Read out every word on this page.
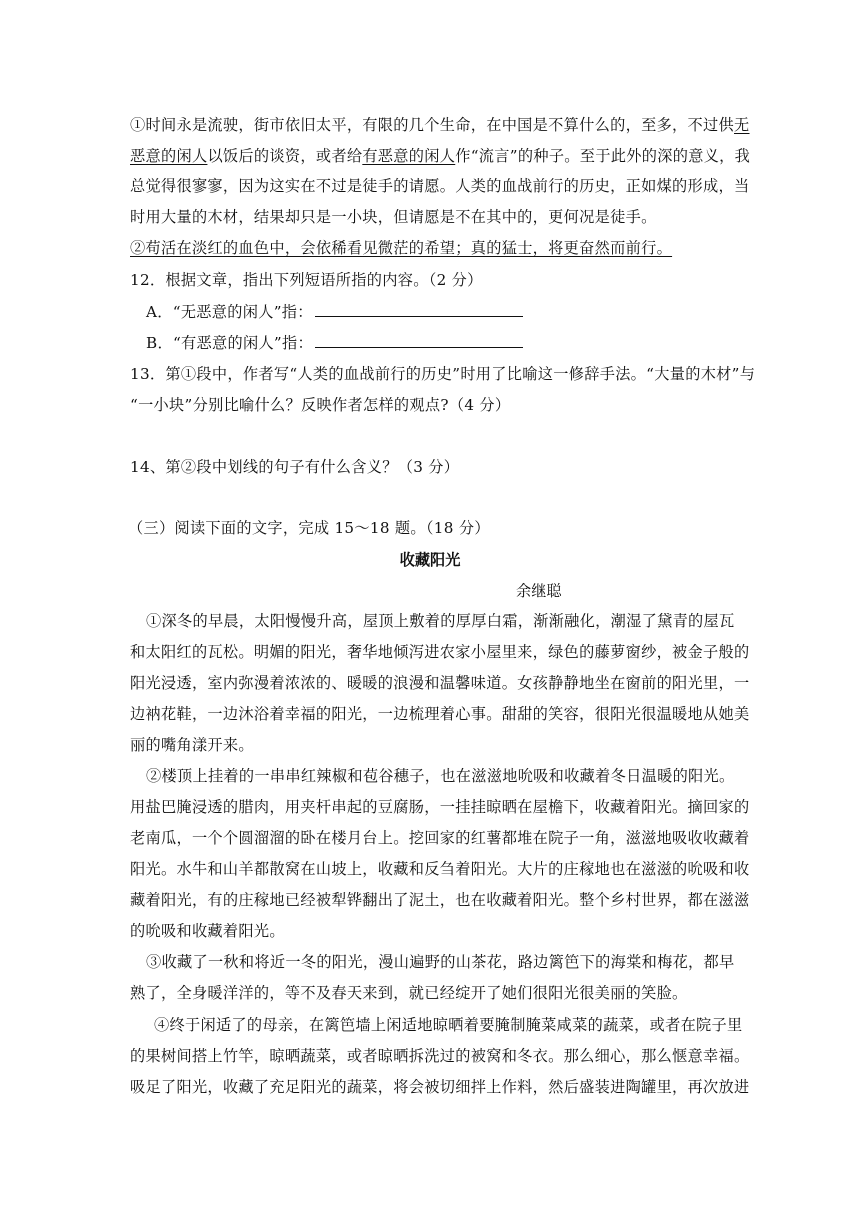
①时间永是流驶，街市依旧太平，有限的几个生命，在中国是不算什么的，至多，不过供无
恶意的闲人以饭后的谈资，或者给有恶意的闲人作“流言”的种子。至于此外的深的意义，我
总觉得很寥寥，因为这实在不过是徒手的请愿。人类的血战前行的历史，正如煤的形成，当
时用大量的木材，结果却只是一小块，但请愿是不在其中的，更何况是徒手。
②苟活在淡红的血色中，会依稀看见微茫的希望；真的猛士，将更奋然而前行。
12．根据文章，指出下列短语所指的内容。（2 分）
A．“无恶意的闲人”指：
B．“有恶意的闲人”指：
13．第①段中，作者写“人类的血战前行的历史”时用了比喻这一修辞手法。“大量的木材”与
“一小块”分别比喻什么？反映作者怎样的观点?（4 分）
14、第②段中划线的句子有什么含义？（3 分）
（三）阅读下面的文字，完成 15～18 题。（18 分）
收藏阳光
余继聪
①深冬的早晨，太阳慢慢升高，屋顶上敷着的厚厚白霜，渐渐融化，潮湿了黛青的屋瓦
和太阳红的瓦松。明媚的阳光，奢华地倾泻进农家小屋里来，绿色的藤萝窗纱，被金子般的
阳光浸透，室内弥漫着浓浓的、暖暖的浪漫和温馨味道。女孩静静地坐在窗前的阳光里，一
边衲花鞋，一边沐浴着幸福的阳光，一边梳理着心事。甜甜的笑容，很阳光很温暖地从她美
丽的嘴角漾开来。
②楼顶上挂着的一串串红辣椒和苞谷穗子，也在滋滋地吮吸和收藏着冬日温暖的阳光。
用盐巴腌浸透的腊肉，用夹杆串起的豆腐肠，一挂挂晾晒在屋檐下，收藏着阳光。摘回家的
老南瓜，一个个圆溜溜的卧在楼月台上。挖回家的红薯都堆在院子一角，滋滋地吸收收藏着
阳光。水牛和山羊都散窝在山坡上，收藏和反刍着阳光。大片的庄稼地也在滋滋的吮吸和收
藏着阳光，有的庄稼地已经被犁铧翻出了泥土，也在收藏着阳光。整个乡村世界，都在滋滋
的吮吸和收藏着阳光。
③收藏了一秋和将近一冬的阳光，漫山遍野的山茶花，路边篱笆下的海棠和梅花，都早
熟了，全身暖洋洋的，等不及春天来到，就已经绽开了她们很阳光很美丽的笑脸。
④终于闲适了的母亲，在篱笆墙上闲适地晾晒着要腌制腌菜咸菜的蔬菜，或者在院子里
的果树间搭上竹竿，晾晒蔬菜，或者晾晒拆洗过的被窝和冬衣。那么细心，那么惬意幸福。
吸足了阳光，收藏了充足阳光的蔬菜，将会被切细拌上作料，然后盛装进陶罐里，再次放进
